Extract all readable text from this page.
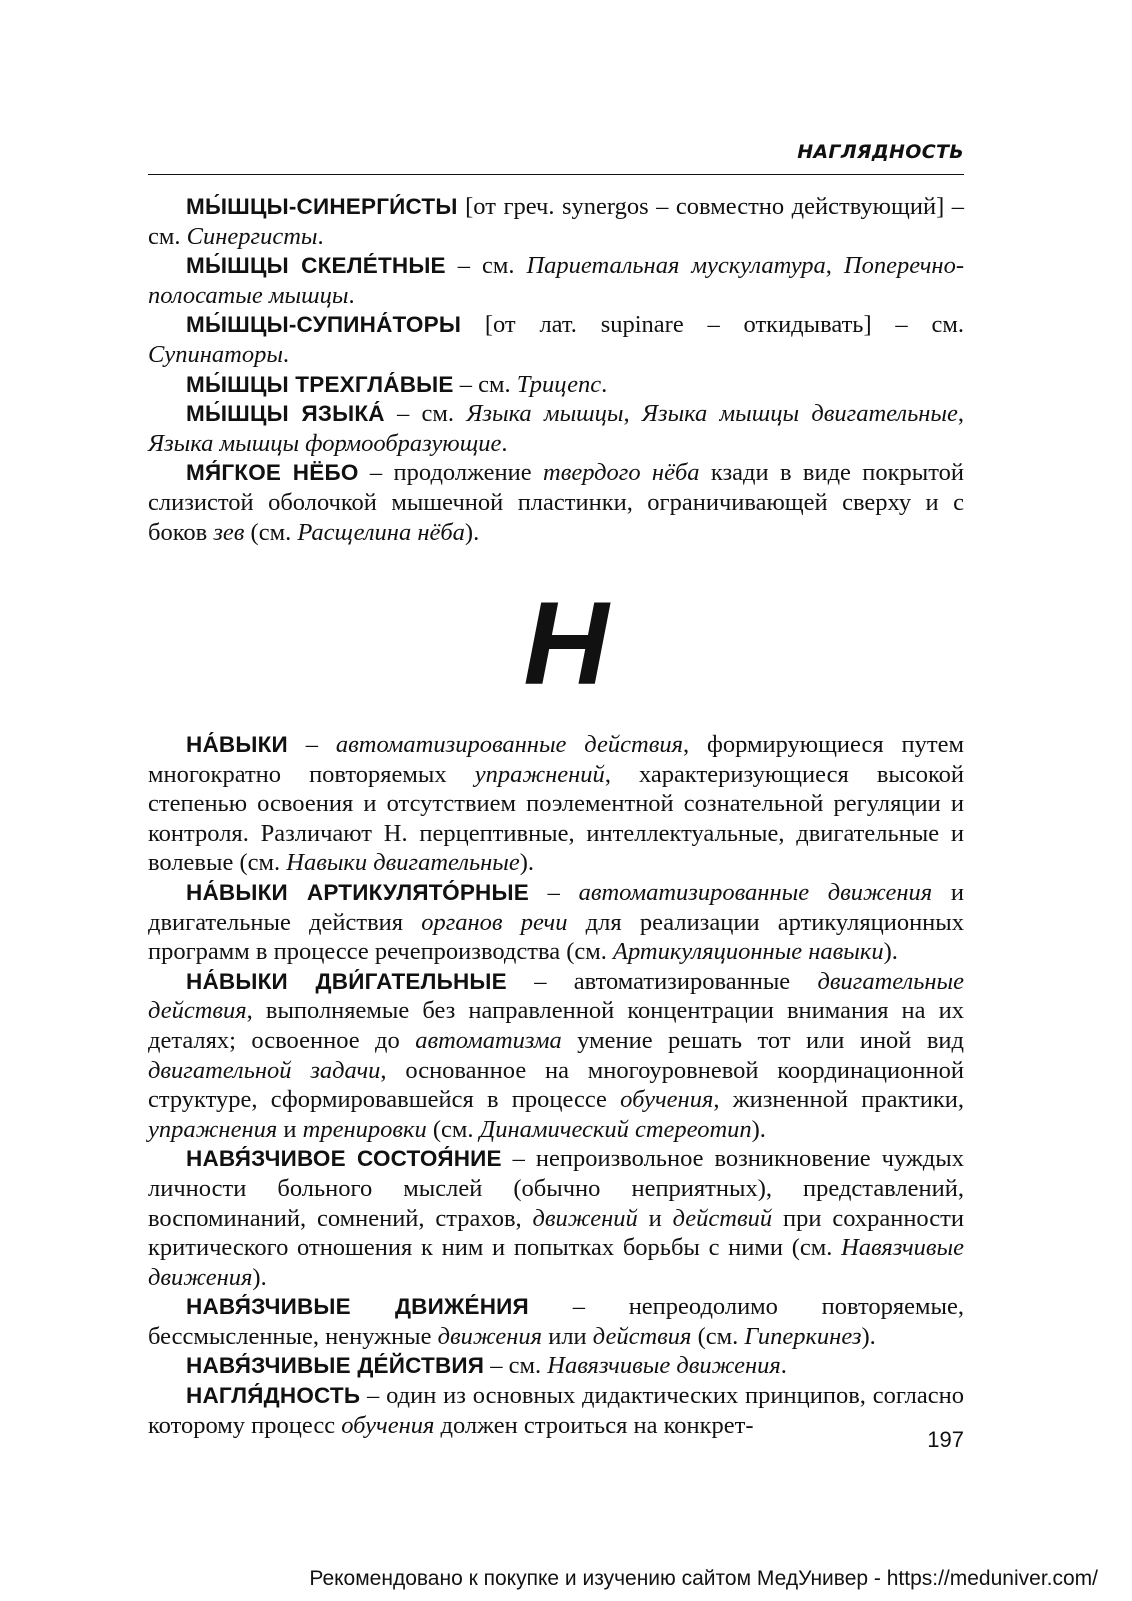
НАГЛЯДНОСТЬ

МЫ́ШЦЫ-СИНЕРГИ́СТЫ [от греч. synergos – совместно действующий] – см. Синергисты.

МЫ́ШЦЫ СКЕЛЕ́ТНЫЕ – см. Париетальная мускулатура, Поперечно-полосатые мышцы.

МЫ́ШЦЫ-СУПИНА́ТОРЫ [от лат. supinare – откидывать] – см. Супинаторы.

МЫ́ШЦЫ ТРЕХГЛА́ВЫЕ – см. Трицепс.

МЫ́ШЦЫ ЯЗЫКА́ – см. Языка мышцы, Языка мышцы двигательные, Языка мышцы формообразующие.

МЯ́ГКОЕ НЁБО – продолжение твердого нёба кзади в виде покрытой слизистой оболочкой мышечной пластинки, ограничивающей сверху и с боков зев (см. Расщелина нёба).

Н

НА́ВЫКИ – автоматизированные действия, формирующиеся путем многократно повторяемых упражнений, характеризующиеся высокой степенью освоения и отсутствием поэлементной сознательной регуляции и контроля. Различают Н. перцептивные, интеллектуальные, двигательные и волевые (см. Навыки двигательные).

НА́ВЫКИ АРТИКУЛЯТО́РНЫЕ – автоматизированные движения и двигательные действия органов речи для реализации артикуляционных программ в процессе речепроизводства (см. Артикуляционные навыки).

НА́ВЫКИ ДВИ́ГАТЕЛЬНЫЕ – автоматизированные двигательные действия, выполняемые без направленной концентрации внимания на их деталях; освоенное до автоматизма умение решать тот или иной вид двигательной задачи, основанное на многоуровневой координационной структуре, сформировавшейся в процессе обучения, жизненной практики, упражнения и тренировки (см. Динамический стереотип).

НАВЯ́ЗЧИВОЕ СОСТОЯ́НИЕ – непроизвольное возникновение чуждых личности больного мыслей (обычно неприятных), представлений, воспоминаний, сомнений, страхов, движений и действий при сохранности критического отношения к ним и попытках борьбы с ними (см. Навязчивые движения).

НАВЯ́ЗЧИВЫЕ ДВИЖЕ́НИЯ – непреодолимо повторяемые, бессмысленные, ненужные движения или действия (см. Гиперкинез).

НАВЯ́ЗЧИВЫЕ ДЕ́ЙСТВИЯ – см. Навязчивые движения.

НАГЛЯ́ДНОСТЬ – один из основных дидактических принципов, согласно которому процесс обучения должен строиться на конкрет-

197
Рекомендовано к покупке и изучению сайтом МедУнивер - https://meduniver.com/
